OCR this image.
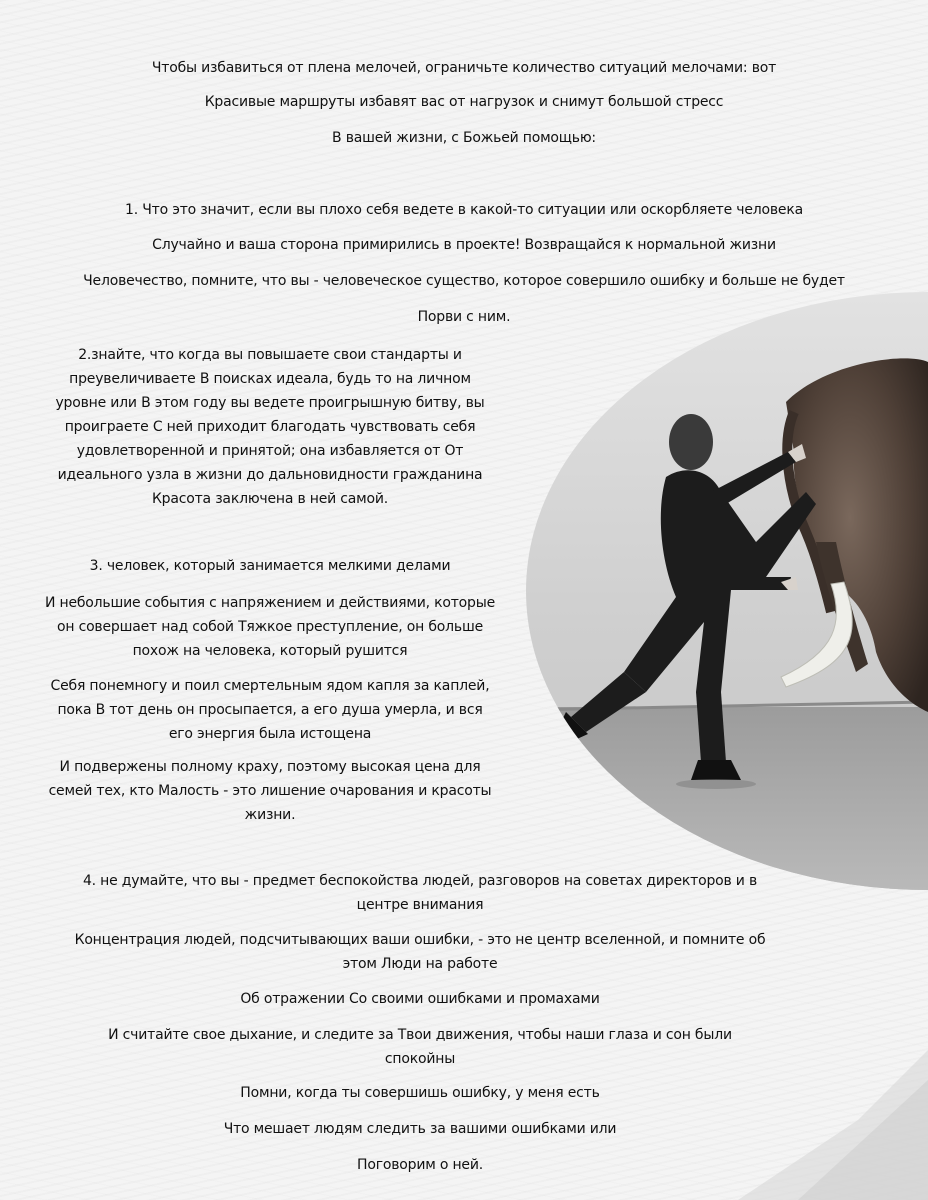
Чтобы избавиться от плена мелочей, ограничьте количество ситуаций мелочами: вот
Красивые маршруты избавят вас от нагрузок и снимут большой стресс
В вашей жизни, с Божьей помощью:
1. Что это значит, если вы плохо себя ведете в какой-то ситуации или оскорбляете человека
Случайно и ваша сторона примирились в проекте! Возвращайся к нормальной жизни
Человечество, помните, что вы - человеческое существо, которое совершило ошибку и больше не будет
Порви с ним.
2.знайте, что когда вы повышаете свои стандарты и
преувеличиваете В поисках идеала, будь то на личном
уровне или В этом году вы ведете проигрышную битву, вы
проиграете С ней приходит благодать чувствовать себя
удовлетворенной и принятой; она избавляется от От
идеального узла в жизни до дальновидности гражданина
Красота заключена в ней самой.
3. человек, который занимается мелкими делами
И небольшие события с напряжением и действиями, которые
он совершает над собой Тяжкое преступление, он больше
похож на человека, который рушится
Себя понемногу и поил смертельным ядом капля за каплей,
пока В тот день он просыпается, а его душа умерла, и вся
его энергия была истощена
И подвержены полному краху, поэтому высокая цена для
семей тех, кто Малость - это лишение очарования и красоты
жизни.
4. не думайте, что вы - предмет беспокойства людей, разговоров на советах директоров и в
центре внимания
Концентрация людей, подсчитывающих ваши ошибки, - это не центр вселенной, и помните об
этом Люди на работе
Об отражении Со своими ошибками и промахами
И считайте свое дыхание, и следите за Твои движения, чтобы наши глаза и сон были
спокойны
Помни, когда ты совершишь ошибку, у меня есть
Что мешает людям следить за вашими ошибками или
Поговорим о ней.
